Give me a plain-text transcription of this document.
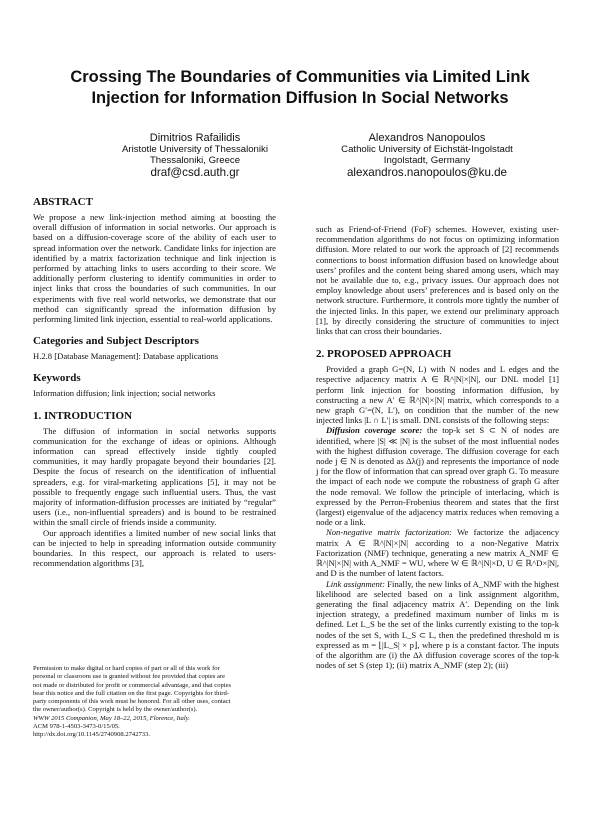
Crossing The Boundaries of Communities via Limited Link
Injection for Information Diffusion In Social Networks
Dimitrios Rafailidis
Aristotle University of Thessaloniki
Thessaloniki, Greece
draf@csd.auth.gr
Alexandros Nanopoulos
Catholic University of Eichstät-Ingolstadt
Ingolstadt, Germany
alexandros.nanopoulos@ku.de
ABSTRACT

We propose a new link-injection method aiming at boosting the overall diffusion of information in social networks. Our approach is based on a diffusion-coverage score of the ability of each user to spread information over the network. Candidate links for injection are identified by a matrix factorization technique and link injection is performed by attaching links to users according to their score. We additionally perform clustering to identify communities in order to inject links that cross the boundaries of such communities. In our experiments with five real world networks, we demonstrate that our method can significantly spread the information diffusion by performing limited link injection, essential to real-world applications.

Categories and Subject Descriptors

H.2.8 [Database Management]: Database applications

Keywords

Information diffusion; link injection; social networks

1. INTRODUCTION

The diffusion of information in social networks supports communication for the exchange of ideas or opinions. Although information can spread effectively inside tightly coupled communities, it may hardly propagate beyond their boundaries [2]. Despite the focus of research on the identification of influential spreaders, e.g. for viral-marketing applications [5], it may not be possible to frequently engage such influential users. Thus, the vast majority of information-diffusion processes are initiated by “regular” users (i.e., non-influential spreaders) and is bound to be restrained within the small circle of friends inside a community.

Our approach identifies a limited number of new social links that can be injected to help in spreading information outside community boundaries. In this respect, our approach is related to users-recommendation algorithms [3],

Permission to make digital or hard copies of part or all of this work for
personal or classroom use is granted without fee provided that copies are
not made or distributed for profit or commercial advantage, and that copies
bear this notice and the full citation on the first page. Copyrights for third-
party components of this work must be honored. For all other uses, contact
the owner/author(s). Copyright is held by the owner/author(s).
WWW 2015 Companion, May 18–22, 2015, Florence, Italy.
ACM 978-1-4503-3473-0/15/05.
http://dx.doi.org/10.1145/2740908.2742733.

such as Friend-of-Friend (FoF) schemes. However, existing user-recommendation algorithms do not focus on optimizing information diffusion. More related to our work the approach of [2] recommends connections to boost information diffusion based on knowledge about users’ profiles and the content being shared among users, which may not be available due to, e.g., privacy issues. Our approach does not employ knowledge about users’ preferences and is based only on the network structure. Furthermore, it controls more tightly the number of the injected links. In this paper, we extend our preliminary approach [1], by directly considering the structure of communities to inject links that can cross their boundaries.

2. PROPOSED APPROACH

Provided a graph G=(N, L) with N nodes and L edges and the respective adjacency matrix A ∈ ℝ^|N|×|N|, our DNL model [1] perform link injection for boosting information diffusion, by constructing a new A′ ∈ ℝ^|N|×|N| matrix, which corresponds to a new graph G′=(N, L′), on condition that the number of the new injected links |L ∩ L′| is small. DNL consists of the following steps:

Diffusion coverage score: the top-k set S ⊂ N of nodes are identified, where |S| ≪ |N| is the subset of the most influential nodes with the highest diffusion coverage. The diffusion coverage for each node j ∈ N is denoted as Δλ(j) and represents the importance of node j for the flow of information that can spread over graph G. To measure the impact of each node we compute the robustness of graph G after the node removal. We follow the principle of interlacing, which is expressed by the Perron-Frobenius theorem and states that the first (largest) eigenvalue of the adjacency matrix reduces when removing a node or a link.

Non-negative matrix factorization: We factorize the adjacency matrix A ∈ ℝ^|N|×|N| according to a non-Negative Matrix Factorization (NMF) technique, generating a new matrix A_NMF ∈ ℝ^|N|×|N| with A_NMF = WU, where W ∈ ℝ^|N|×D, U ∈ ℝ^D×|N|, and D is the number of latent factors.

Link assignment: Finally, the new links of A_NMF with the highest likelihood are selected based on a link assignment algorithm, generating the final adjacency matrix A′. Depending on the link injection strategy, a predefined maximum number of links m is defined. Let L_S be the set of the links currently existing to the top-k nodes of the set S, with L_S ⊂ L, then the predefined threshold m is expressed as m = ⌊|L_S| × p⌋, where p is a constant factor. The inputs of the algorithm are (i) the Δλ diffusion coverage scores of the top-k nodes of set S (step 1); (ii) matrix A_NMF (step 2); (iii)
